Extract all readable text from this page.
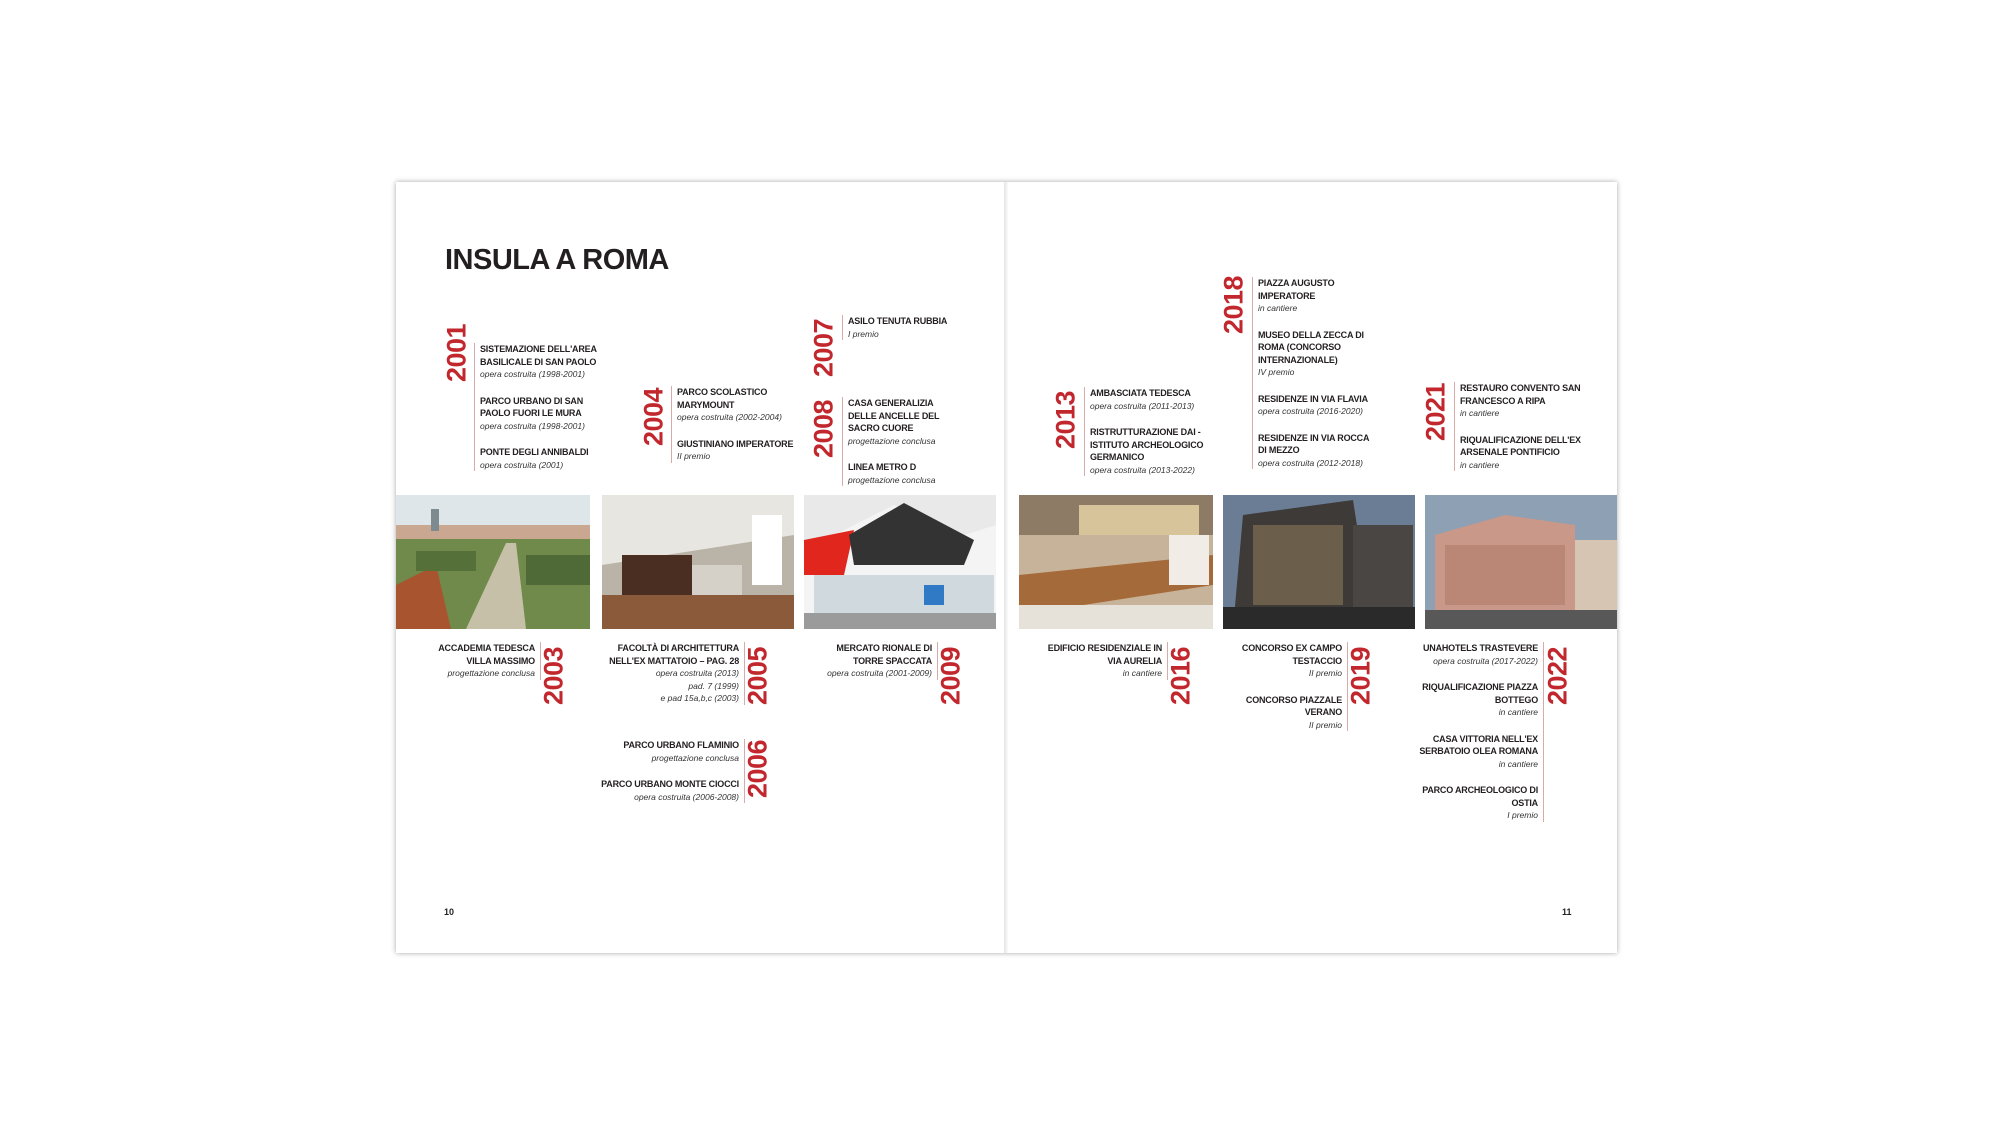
INSULA A ROMA
2001 SISTEMAZIONE DELL'AREA BASILICALE DI SAN PAOLO
opera costruita (1998-2001)
PARCO URBANO DI SAN PAOLO FUORI LE MURA
opera costruita (1998-2001)
PONTE DEGLI ANNIBALDI
opera costruita (2001)
2004 PARCO SCOLASTICO MARYMOUNT
opera costruita (2002-2004)
GIUSTINIANO IMPERATORE
II premio
2007 ASILO TENUTA RUBBIA
I premio
2008 CASA GENERALIZIA DELLE ANCELLE DEL SACRO CUORE
progettazione conclusa
LINEA METRO D
progettazione conclusa
2003
ACCADEMIA TEDESCA VILLA MASSIMO
progettazione conclusa	2005
FACOLTÀ DI ARCHITETTURA NELL'EX MATTATOIO – PAG. 28
opera costruita (2013)
pad. 7 (1999)
e pad 15a,b,c (2003)
2006
PARCO URBANO FLAMINIO
progettazione conclusa
PARCO URBANO MONTE CIOCCI
opera costruita (2006-2008)
2009
MERCATO RIONALE DI TORRE SPACCATA
opera costruita (2001-2009)
10
2013 AMBASCIATA TEDESCA
opera costruita (2011-2013)
RISTRUTTURAZIONE DAI - ISTITUTO ARCHEOLOGICO GERMANICO
opera costruita (2013-2022)
2018 PIAZZA AUGUSTO IMPERATORE
in cantiere
MUSEO DELLA ZECCA DI ROMA (CONCORSO INTERNAZIONALE)
IV premio
RESIDENZE IN VIA FLAVIA
opera costruita (2016-2020)
RESIDENZE IN VIA ROCCA DI MEZZO
opera costruita (2012-2018)
2021 RESTAURO CONVENTO SAN FRANCESCO A RIPA
in cantiere
RIQUALIFICAZIONE DELL'EX ARSENALE PONTIFICIO
in cantiere
2016
EDIFICIO RESIDENZIALE IN VIA AURELIA
in cantiere	2019
CONCORSO EX CAMPO TESTACCIO
II premio
CONCORSO PIAZZALE VERANO
II premio
2022
UNAHOTELS TRASTEVERE
opera costruita (2017-2022)
RIQUALIFICAZIONE PIAZZA BOTTEGO
in cantiere
CASA VITTORIA NELL'EX SERBATOIO OLEA ROMANA
in cantiere
PARCO ARCHEOLOGICO DI OSTIA
I premio
11
